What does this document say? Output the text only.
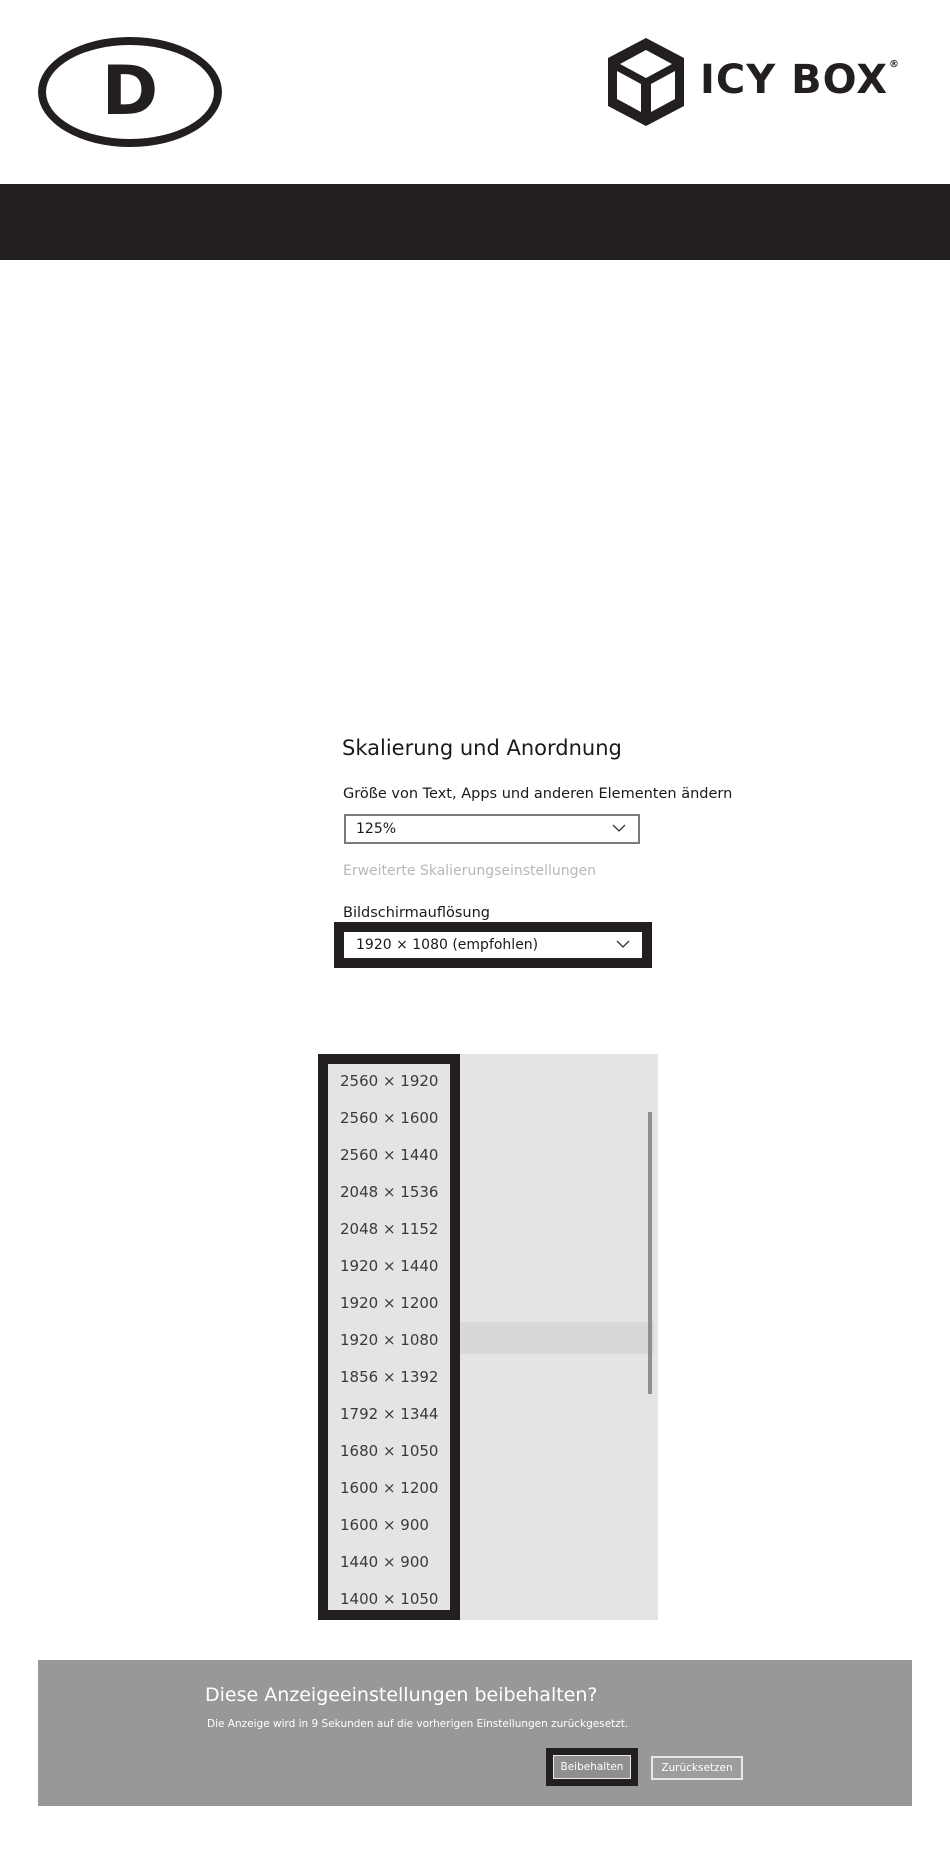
D	ICY BOX®
Skalierung und Anordnung
Größe von Text, Apps und anderen Elementen ändern
125%
Erweiterte Skalierungseinstellungen
Bildschirmauflösung
1920 × 1080 (empfohlen)
2560 × 1920
2560 × 1600
2560 × 1440
2048 × 1536
2048 × 1152
1920 × 1440
1920 × 1200
1920 × 1080
1856 × 1392
1792 × 1344
1680 × 1050
1600 × 1200
1600 × 900
1440 × 900
1400 × 1050
Diese Anzeigeeinstellungen beibehalten?
Die Anzeige wird in 9 Sekunden auf die vorherigen Einstellungen zurückgesetzt.
Beibehalten	Zurücksetzen
